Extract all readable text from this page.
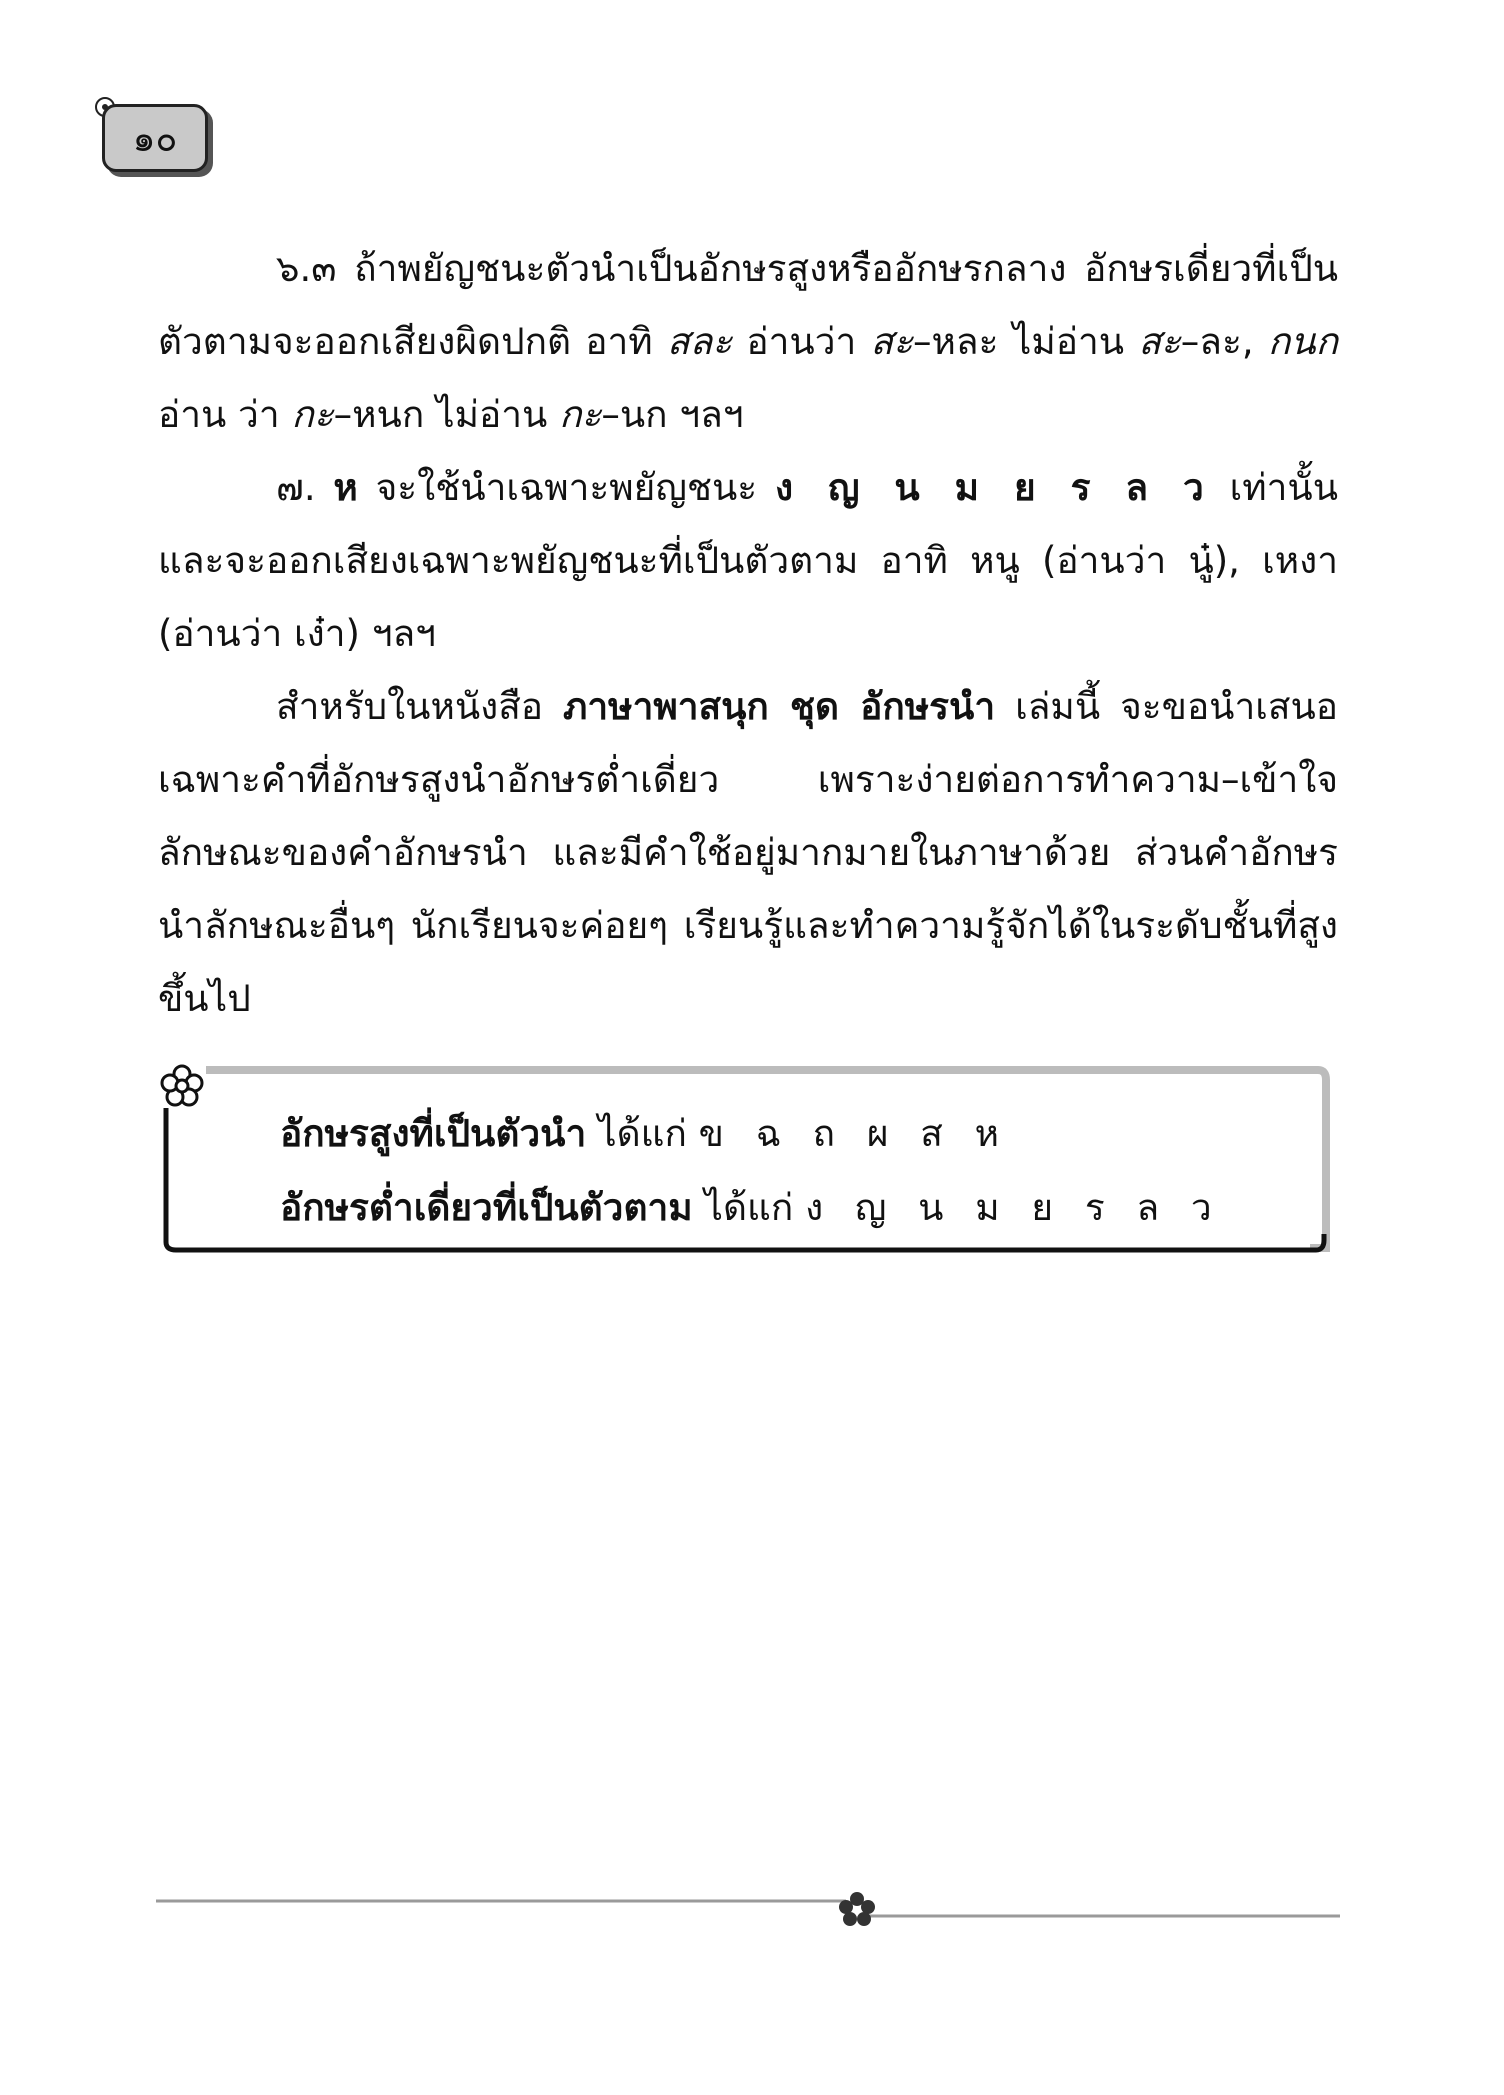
๑๐

๖.๓ ถ้าพยัญชนะตัวนำเป็นอักษรสูงหรืออักษรกลาง อักษรเดี่ยวที่เป็นตัวตามจะออกเสียงผิดปกติ อาทิ สละ อ่านว่า สะ–หละ ไม่อ่าน สะ–ละ, กนก อ่าน ว่า กะ–หนก ไม่อ่าน กะ–นก ฯลฯ

๗. ห จะใช้นำเฉพาะพยัญชนะ ง ญ น ม ย ร ล ว เท่านั้น และจะออกเสียงเฉพาะพยัญชนะที่เป็นตัวตาม อาทิ หนู (อ่านว่า นู๋), เหงา (อ่านว่า เง๋า) ฯลฯ

สำหรับในหนังสือ ภาษาพาสนุก ชุด อักษรนำ เล่มนี้ จะขอนำเสนอเฉพาะคำที่อักษรสูงนำอักษรต่ำเดี่ยว เพราะง่ายต่อการทำความ–เข้าใจลักษณะของคำอักษรนำ และมีคำใช้อยู่มากมายในภาษาด้วย ส่วนคำอักษรนำลักษณะอื่นๆ นักเรียนจะค่อยๆ เรียนรู้และทำความรู้จักได้ในระดับชั้นที่สูงขึ้นไป

อักษรสูงที่เป็นตัวนำ ได้แก่ ข ฉ ถ ผ ส ห
อักษรต่ำเดี่ยวที่เป็นตัวตาม ได้แก่ ง ญ น ม ย ร ล ว
